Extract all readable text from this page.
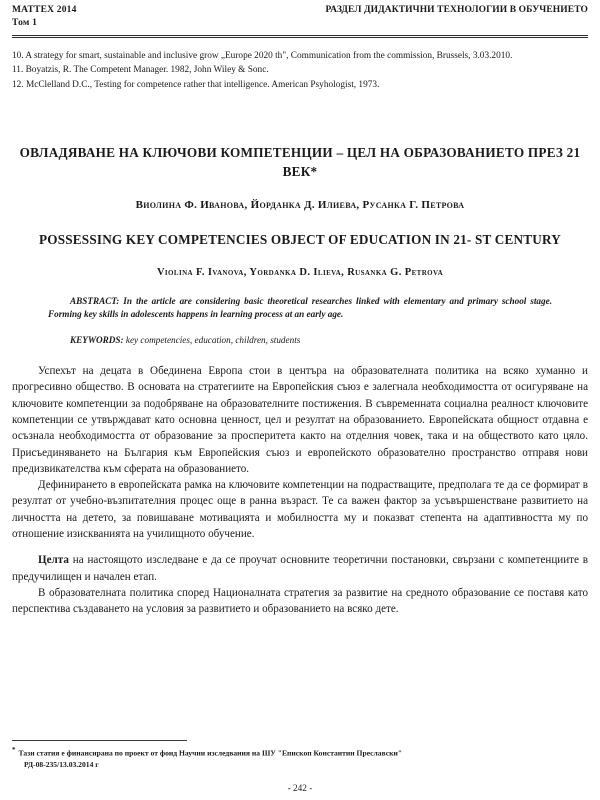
MATTEX 2014
Том 1
РАЗДЕЛ ДИДАКТИЧНИ ТЕХНОЛОГИИ В ОБУЧЕНИЕТО
10. A strategy for smart, sustainable and inclusive grow „Europe 2020 th", Communication from the commission, Brussels, 3.03.2010.
11. Boyatzis, R. The Competent Manager. 1982, John Wiley & Sonc.
12. McClelland D.C., Testing for competence rather that intelligence. American Psyhologist, 1973.
ОВЛАДЯВАНЕ НА КЛЮЧОВИ КОМПЕТЕНЦИИ – ЦЕЛ НА ОБРАЗОВАНИЕТО ПРЕЗ 21 ВЕК*
Виолина Ф. Иванова, Йорданка Д. Илиева, Русанка Г. Петрова
POSSESSING KEY COMPETENCIES OBJECT OF EDUCATION IN 21- ST CENTURY
Violina F. Ivanova, Yordanka D. Ilieva, Rusanka G. Petrova
ABSTRACT: In the article are considering basic theoretical researches linked with elementary and primary school stage. Forming key skills in adolescents happens in learning process at an early age.
KEYWORDS: key competencies, education, children, students

Успехът на децата в Обединена Европа стои в центъра на образователната политика на всяко хуманно и прогресивно общество. В основата на стратегиите на Европейския съюз е залегнала необходимостта от осигуряване на ключовите компетенции за подобряване на образователните постижения. В съвременната социална реалност ключовите компетенции се утвърждават като основна ценност, цел и резултат на образованието. Европейската общност отдавна е осъзнала необходимостта от образование за просперитета както на отделния човек, така и на обществото като цяло. Присъединяването на България към Европейския съюз и европейското образователно пространство отправя нови предизвикателства към сферата на образованието.

Дефинирането в европейската рамка на ключовите компетенции на подрастващите, предполага те да се формират в резултат от учебно-възпитателния процес още в ранна възраст. Те са важен фактор за усъвършенстване развитието на личността на детето, за повишаване мотивацията и мобилността му и показват степента на адаптивността му по отношение изискванията на училищното обучение.

Целта на настоящото изследване е да се проучат основните теоретични постановки, свързани с компетенциите в предучилищен и начален етап.

В образователната политика според Националната стратегия за развитие на средното образование се поставя като перспектива създаването на условия за развитието и образованието на всяко дете.

* Тази статия е финансирана по проект от фонд Научни изследвания на ШУ "Епископ Константин Преславски"
РД-08-235/13.03.2014 г
- 242 -
